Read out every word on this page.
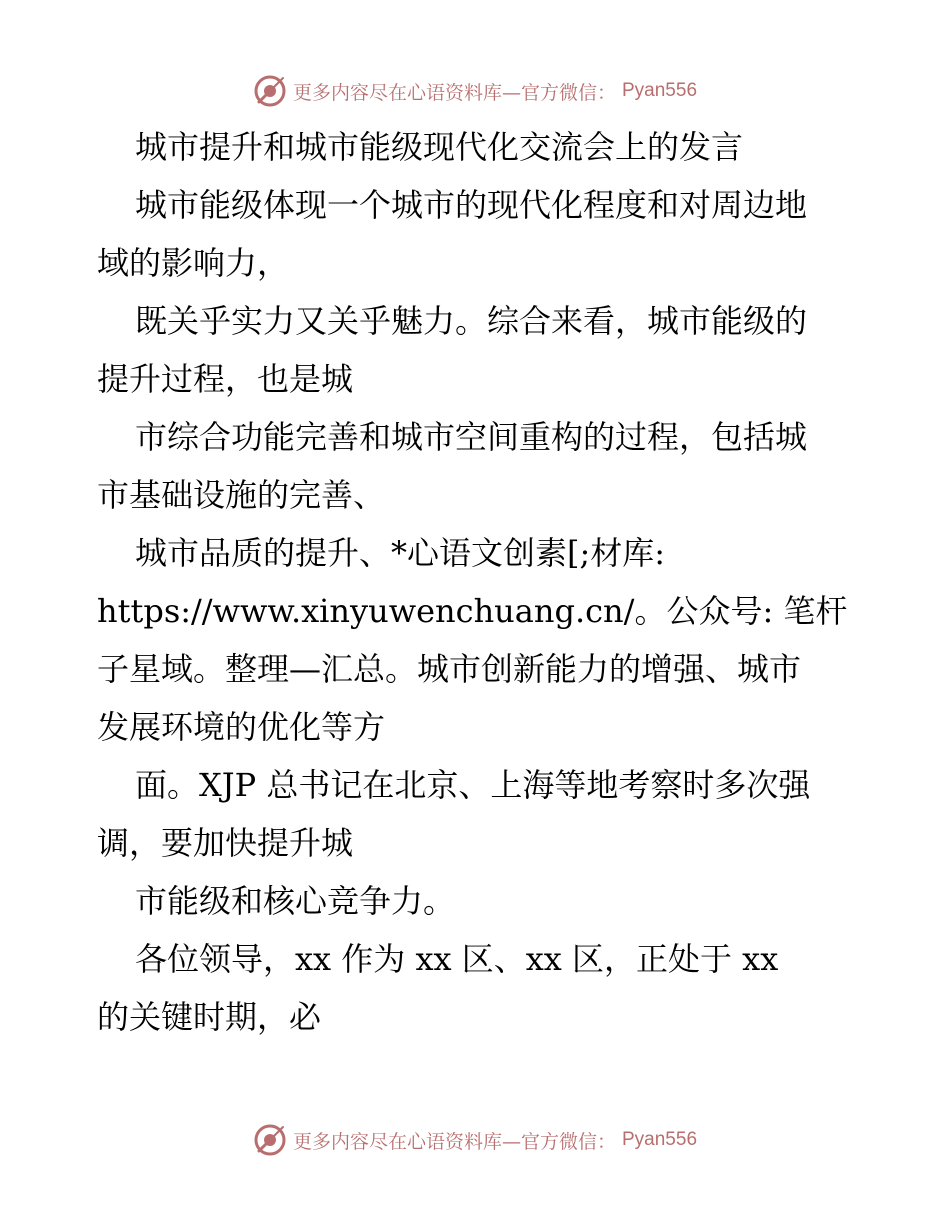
更多内容尽在心语资料库—官方微信： Pyan556
城市提升和城市能级现代化交流会上的发言
城市能级体现一个城市的现代化程度和对周边地
域的影响力，
既关乎实力又关乎魅力。综合来看，城市能级的
提升过程，也是城
市综合功能完善和城市空间重构的过程，包括城
市基础设施的完善、
城市品质的提升、*心语文创素[;材库:
https://www.xinyuwenchuang.cn/。公众号: 笔杆
子星域。整理—汇总。城市创新能力的增强、城市
发展环境的优化等方
面。XJP 总书记在北京、上海等地考察时多次强
调，要加快提升城
市能级和核心竞争力。
各位领导，xx 作为 xx 区、xx 区，正处于 xx
的关键时期，必
更多内容尽在心语资料库—官方微信： Pyan556
